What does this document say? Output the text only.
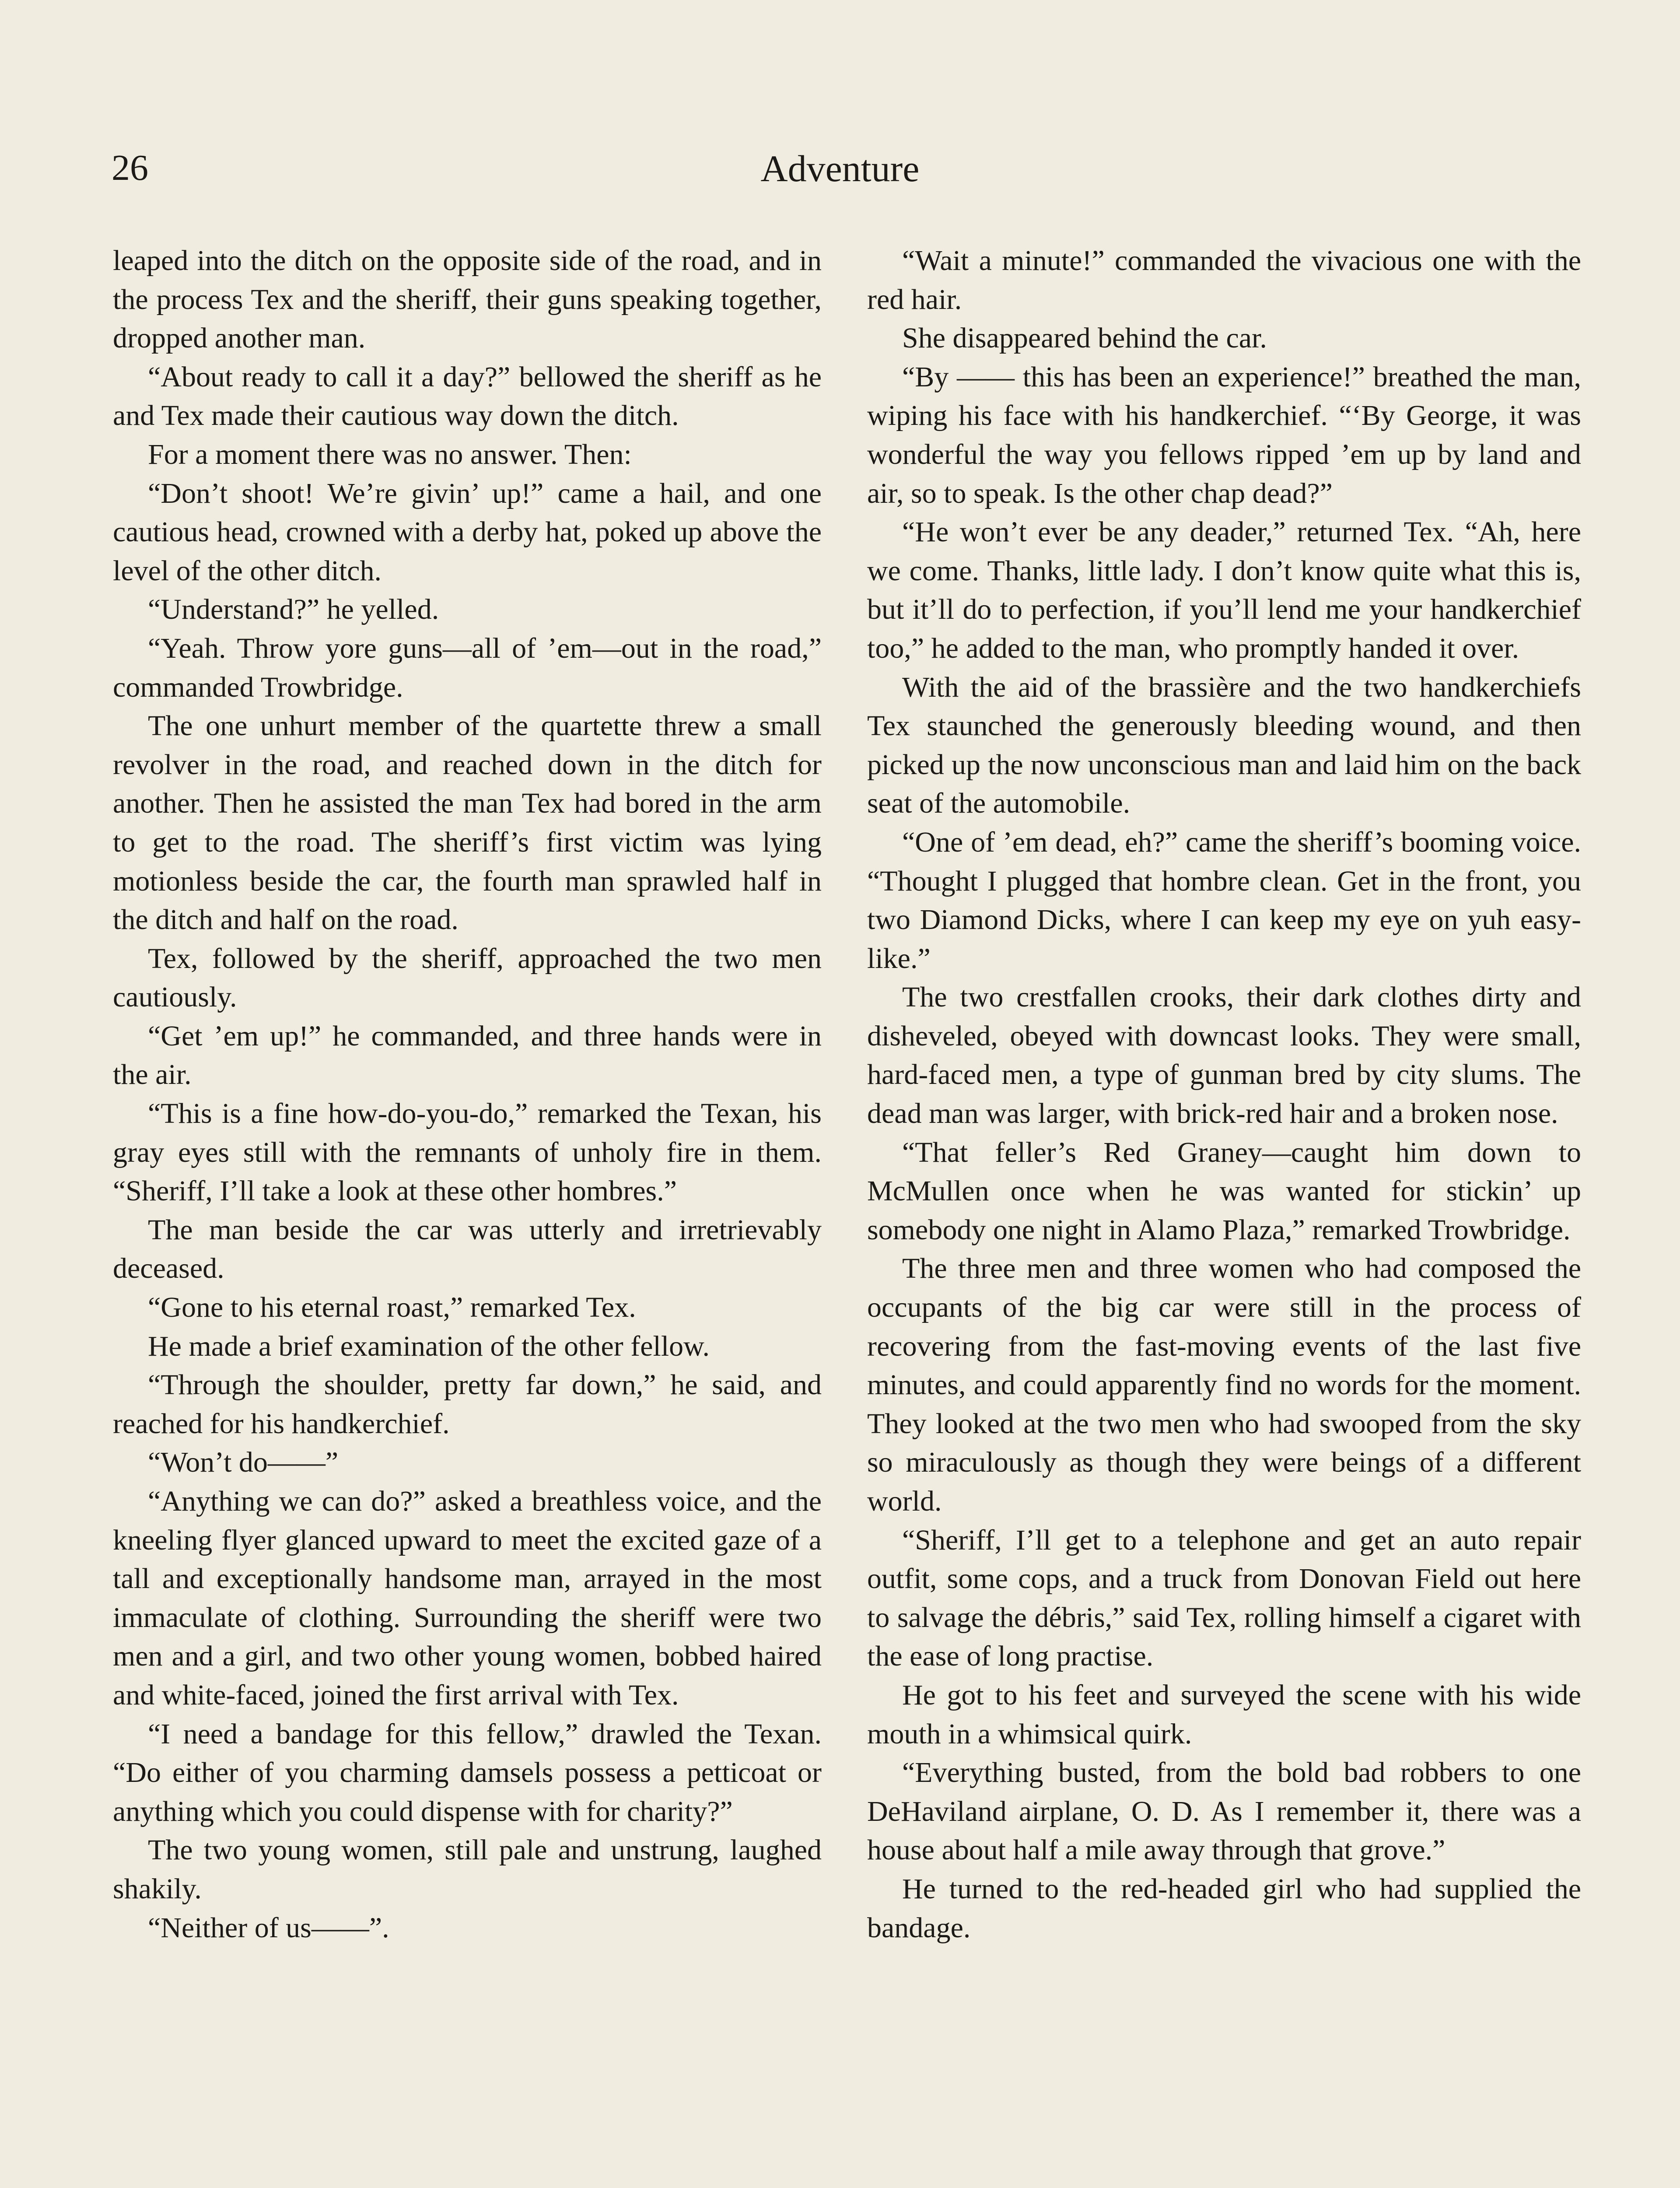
26	Adventure

leaped into the ditch on the opposite side of the road, and in the process Tex and the sheriff, their guns speaking together, dropped another man.

“About ready to call it a day?” bellowed the sheriff as he and Tex made their cautious way down the ditch.

For a moment there was no answer. Then:

“Don’t shoot! We’re givin’ up!” came a hail, and one cautious head, crowned with a derby hat, poked up above the level of the other ditch.

“Understand?” he yelled.

“Yeah. Throw yore guns—all of ’em—out in the road,” commanded Trowbridge.

The one unhurt member of the quartette threw a small revolver in the road, and reached down in the ditch for another. Then he assisted the man Tex had bored in the arm to get to the road. The sheriff’s first victim was lying motionless beside the car, the fourth man sprawled half in the ditch and half on the road.

Tex, followed by the sheriff, approached the two men cautiously.

“Get ’em up!” he commanded, and three hands were in the air.

“This is a fine how-do-you-do,” remarked the Texan, his gray eyes still with the remnants of unholy fire in them. “Sheriff, I’ll take a look at these other hombres.”

The man beside the car was utterly and irretrievably deceased.

“Gone to his eternal roast,” remarked Tex.

He made a brief examination of the other fellow.

“Through the shoulder, pretty far down,” he said, and reached for his handkerchief.

“Won’t do——”

“Anything we can do?” asked a breathless voice, and the kneeling flyer glanced upward to meet the excited gaze of a tall and exceptionally handsome man, arrayed in the most immaculate of clothing. Surrounding the sheriff were two men and a girl, and two other young women, bobbed haired and white-faced, joined the first arrival with Tex.

“I need a bandage for this fellow,” drawled the Texan. “Do either of you charming damsels possess a petticoat or anything which you could dispense with for charity?”

The two young women, still pale and unstrung, laughed shakily.

“Neither of us——”.

“Wait a minute!” commanded the vivacious one with the red hair.

She disappeared behind the car.

“By —— this has been an experience!” breathed the man, wiping his face with his handkerchief. “‘By George, it was wonderful the way you fellows ripped ’em up by land and air, so to speak. Is the other chap dead?”

“He won’t ever be any deader,” returned Tex. “Ah, here we come. Thanks, little lady. I don’t know quite what this is, but it’ll do to perfection, if you’ll lend me your handkerchief too,” he added to the man, who promptly handed it over.

With the aid of the brassière and the two handkerchiefs Tex staunched the generously bleeding wound, and then picked up the now unconscious man and laid him on the back seat of the automobile.

“One of ’em dead, eh?” came the sheriff’s booming voice. “Thought I plugged that hombre clean. Get in the front, you two Diamond Dicks, where I can keep my eye on yuh easy-like.”

The two crestfallen crooks, their dark clothes dirty and disheveled, obeyed with downcast looks. They were small, hard-faced men, a type of gunman bred by city slums. The dead man was larger, with brick-red hair and a broken nose.

“That feller’s Red Graney—caught him down to McMullen once when he was wanted for stickin’ up somebody one night in Alamo Plaza,” remarked Trowbridge.

The three men and three women who had composed the occupants of the big car were still in the process of recovering from the fast-moving events of the last five minutes, and could apparently find no words for the moment. They looked at the two men who had swooped from the sky so miraculously as though they were beings of a different world.

“Sheriff, I’ll get to a telephone and get an auto repair outfit, some cops, and a truck from Donovan Field out here to salvage the débris,” said Tex, rolling himself a cigaret with the ease of long practise.

He got to his feet and surveyed the scene with his wide mouth in a whimsical quirk.

“Everything busted, from the bold bad robbers to one DeHaviland airplane, O. D. As I remember it, there was a house about half a mile away through that grove.”

He turned to the red-headed girl who had supplied the bandage.
